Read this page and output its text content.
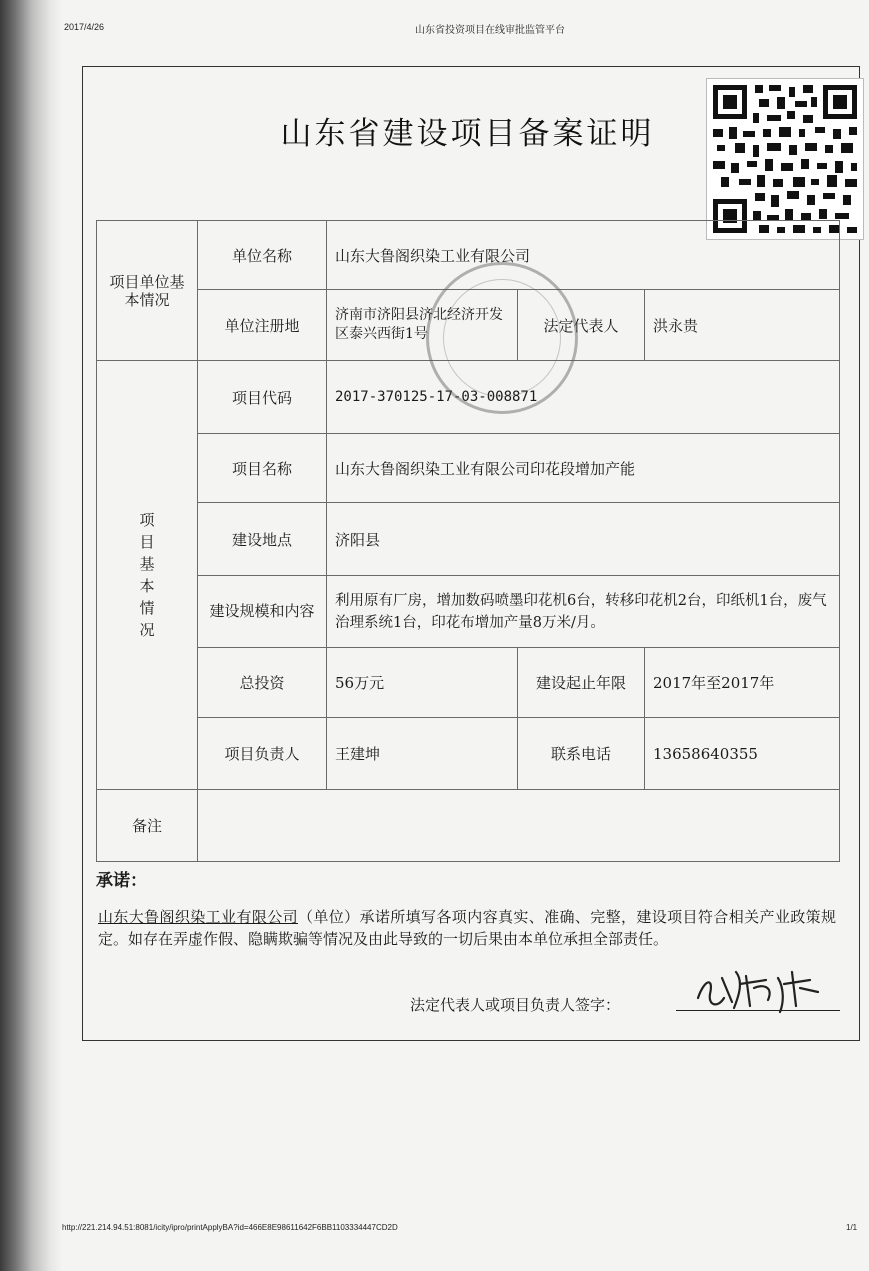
2017/4/26	山东省投资项目在线审批监管平台
山东省建设项目备案证明
项目单位基本情况	单位名称	山东大鲁阁织染工业有限公司		
	单位注册地	济南市济阳县济北经济开发区泰兴西街1号	法定代表人	洪永贵

项目基本情况	项目代码	2017-370125-17-03-008871		
	项目名称	山东大鲁阁织染工业有限公司印花段增加产能		
	建设地点	济阳县		
	建设规模和内容	利用原有厂房，增加数码喷墨印花机6台，转移印花机2台，印纸机1台，废气治理系统1台，印花布增加产量8万米/月。		
	总投资	56万元	建设起止年限	2017年至2017年
	项目负责人	王建坤	联系电话	13658640355
备注				
承诺：
山东大鲁阁织染工业有限公司（单位）承诺所填写各项内容真实、准确、完整，建设项目符合相关产业政策规定。如存在弄虚作假、隐瞒欺骗等情况及由此导致的一切后果由本单位承担全部责任。
法定代表人或项目负责人签字：
http://221.214.94.51:8081/icity/ipro/printApplyBA?id=466E8E98611642F6BB1103334447CD2D	1/1
